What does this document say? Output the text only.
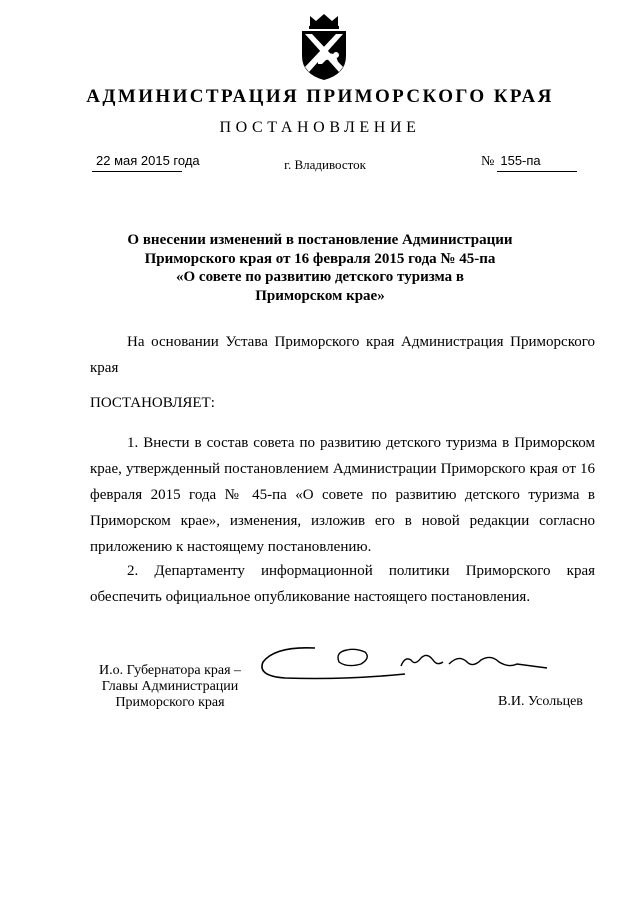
АДМИНИСТРАЦИЯ ПРИМОРСКОГО КРАЯ
ПОСТАНОВЛЕНИЕ
22 мая 2015 года	г. Владивосток	№ 155-па
О внесении изменений в постановление Администрации
Приморского края от 16 февраля 2015 года № 45-па
«О совете по развитию детского туризма в
Приморском крае»

На основании Устава Приморского края Администрация Приморского края

ПОСТАНОВЛЯЕТ:

1. Внести в состав совета по развитию детского туризма в Приморском крае, утвержденный постановлением Администрации Приморского края от 16 февраля 2015 года № 45-па «О совете по развитию детского туризма в Приморском крае», изменения, изложив его в новой редакции согласно приложению к настоящему постановлению.

2. Департаменту информационной политики Приморского края обеспечить официальное опубликование настоящего постановления.

И.о. Губернатора края –
Главы Администрации
Приморского края	В.И. Усольцев
